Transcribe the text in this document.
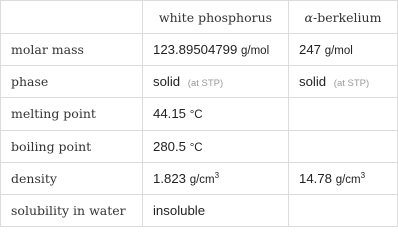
	white phosphorus	α-berkelium
molar mass	123.89504799 g/mol	247 g/mol
phase	solid (at STP)	solid (at STP)
melting point	44.15 °C	
boiling point	280.5 °C	
density	1.823 $g/cm^3$	14.78 $g/cm^3$
solubility in water	insoluble	
